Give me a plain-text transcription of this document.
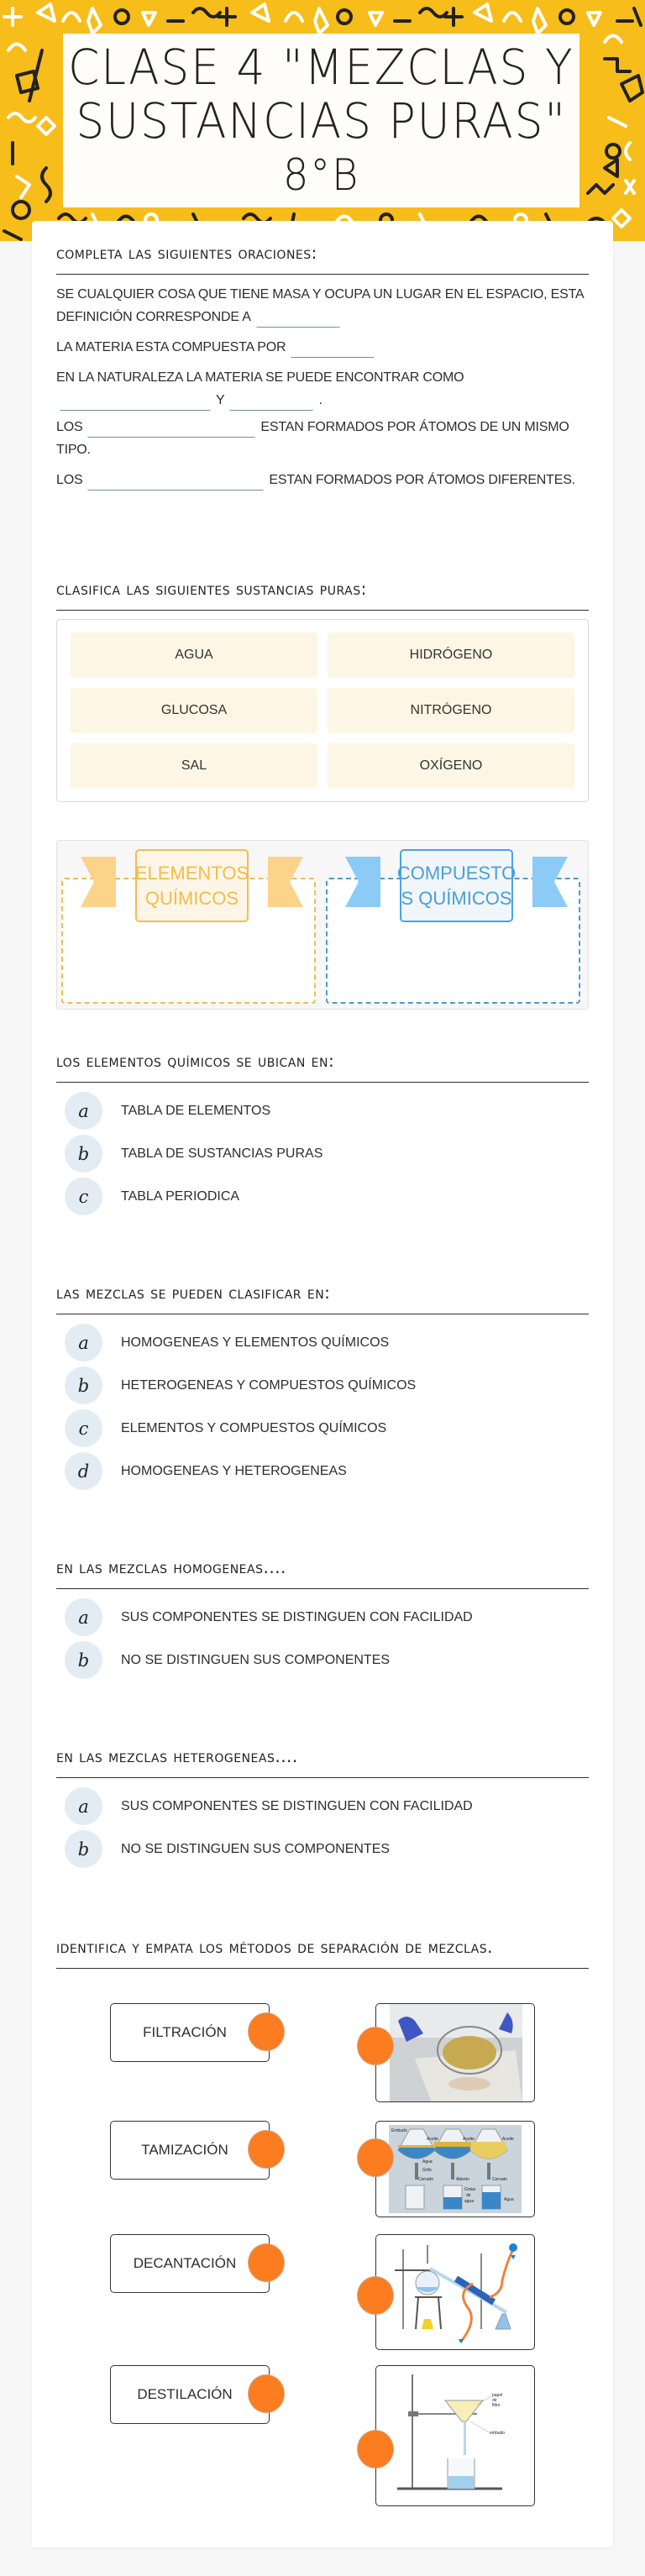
CLASE 4 "MEZCLAS Y
SUSTANCIAS PURAS"
8°B
completa las siguientes oraciones:
SE CUALQUIER COSA QUE TIENE MASA Y OCUPA UN LUGAR EN EL ESPACIO, ESTA DEFINICIÓN CORRESPONDE A
LA MATERIA ESTA COMPUESTA POR
EN LA NATURALEZA LA MATERIA SE PUEDE ENCONTRAR COMO
Y	.
LOS	ESTAN FORMADOS POR ÁTOMOS DE UN MISMO TIPO.
LOS	ESTAN FORMADOS POR ÁTOMOS DIFERENTES.
clasifica las siguientes sustancias puras:
AGUA	HIDRÓGENO
GLUCOSA	NITRÓGENO
SAL	OXÍGENO
ELEMENTOS
QUÍMICOS
COMPUESTO
S QUÍMICOS
los elementos químicos se ubican en:
a	TABLA DE ELEMENTOS
b	TABLA DE SUSTANCIAS PURAS
c	TABLA PERIODICA
las mezclas se pueden clasificar en:
a	HOMOGENEAS Y ELEMENTOS QUÍMICOS
b	HETEROGENEAS Y COMPUESTOS QUÍMICOS
c	ELEMENTOS Y COMPUESTOS QUÍMICOS
d	HOMOGENEAS Y HETEROGENEAS
en las mezclas homogeneas....
a	SUS COMPONENTES SE DISTINGUEN CON FACILIDAD
b	NO SE DISTINGUEN SUS COMPONENTES
en las mezclas heterogeneas....
a	SUS COMPONENTES SE DISTINGUEN CON FACILIDAD
b	NO SE DISTINGUEN SUS COMPONENTES
identifica y empata los métodos de separación de mezclas.
FILTRACIÓN
TAMIZACIÓN
DECANTACIÓN
DESTILACIÓN
Embudo
Aceite	Aceite	Aceite
Agua
Grifo
Cerrado	Abierto	Cerrado
Gotas
de
agua	Agua
papel
de
filtro
embudo
